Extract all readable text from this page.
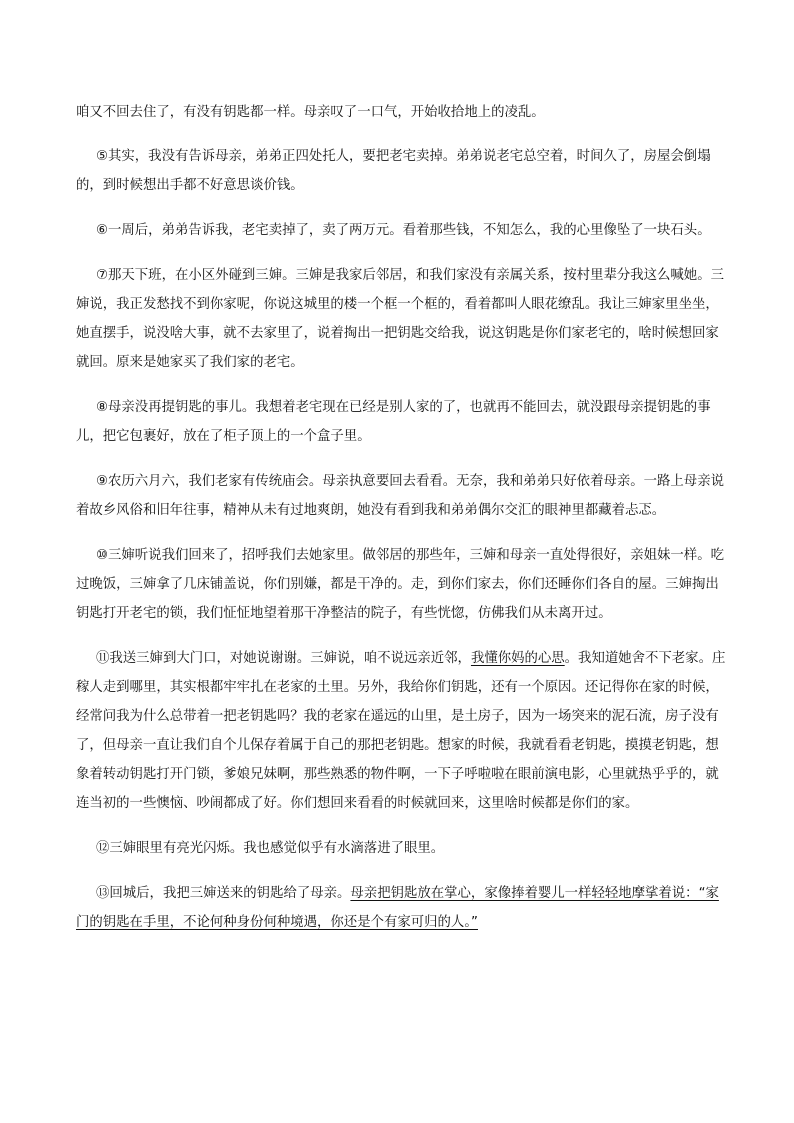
咱又不回去住了，有没有钥匙都一样。母亲叹了一口气，开始收拾地上的凌乱。

⑤其实，我没有告诉母亲，弟弟正四处托人，要把老宅卖掉。弟弟说老宅总空着，时间久了，房屋会倒塌的，到时候想出手都不好意思谈价钱。

⑥一周后，弟弟告诉我，老宅卖掉了，卖了两万元。看着那些钱，不知怎么，我的心里像坠了一块石头。

⑦那天下班，在小区外碰到三婶。三婶是我家后邻居，和我们家没有亲属关系，按村里辈分我这么喊她。三婶说，我正发愁找不到你家呢，你说这城里的楼一个框一个框的，看着都叫人眼花缭乱。我让三婶家里坐坐，她直摆手，说没啥大事，就不去家里了，说着掏出一把钥匙交给我，说这钥匙是你们家老宅的，啥时候想回家就回。原来是她家买了我们家的老宅。

⑧母亲没再提钥匙的事儿。我想着老宅现在已经是别人家的了，也就再不能回去，就没跟母亲提钥匙的事儿，把它包裹好，放在了柜子顶上的一个盒子里。

⑨农历六月六，我们老家有传统庙会。母亲执意要回去看看。无奈，我和弟弟只好依着母亲。一路上母亲说着故乡风俗和旧年往事，精神从未有过地爽朗，她没有看到我和弟弟偶尔交汇的眼神里都藏着忐忑。

⑩三婶听说我们回来了，招呼我们去她家里。做邻居的那些年，三婶和母亲一直处得很好，亲姐妹一样。吃过晚饭，三婶拿了几床铺盖说，你们别嫌，都是干净的。走，到你们家去，你们还睡你们各自的屋。三婶掏出钥匙打开老宅的锁，我们怔怔地望着那干净整洁的院子，有些恍惚，仿佛我们从未离开过。

⑪我送三婶到大门口，对她说谢谢。三婶说，咱不说远亲近邻，我懂你妈的心思。我知道她舍不下老家。庄稼人走到哪里，其实根都牢牢扎在老家的土里。另外，我给你们钥匙，还有一个原因。还记得你在家的时候，经常问我为什么总带着一把老钥匙吗？我的老家在遥远的山里，是土房子，因为一场突来的泥石流，房子没有了，但母亲一直让我们自个儿保存着属于自己的那把老钥匙。想家的时候，我就看看老钥匙，摸摸老钥匙，想象着转动钥匙打开门锁，爹娘兄妹啊，那些熟悉的物件啊，一下子呼啦啦在眼前演电影，心里就热乎乎的，就连当初的一些懊恼、吵闹都成了好。你们想回来看看的时候就回来，这里啥时候都是你们的家。

⑫三婶眼里有亮光闪烁。我也感觉似乎有水滴落进了眼里。

⑬回城后，我把三婶送来的钥匙给了母亲。母亲把钥匙放在掌心，家像捧着婴儿一样轻轻地摩挲着说：“家门的钥匙在手里，不论何种身份何种境遇，你还是个有家可归的人。”
